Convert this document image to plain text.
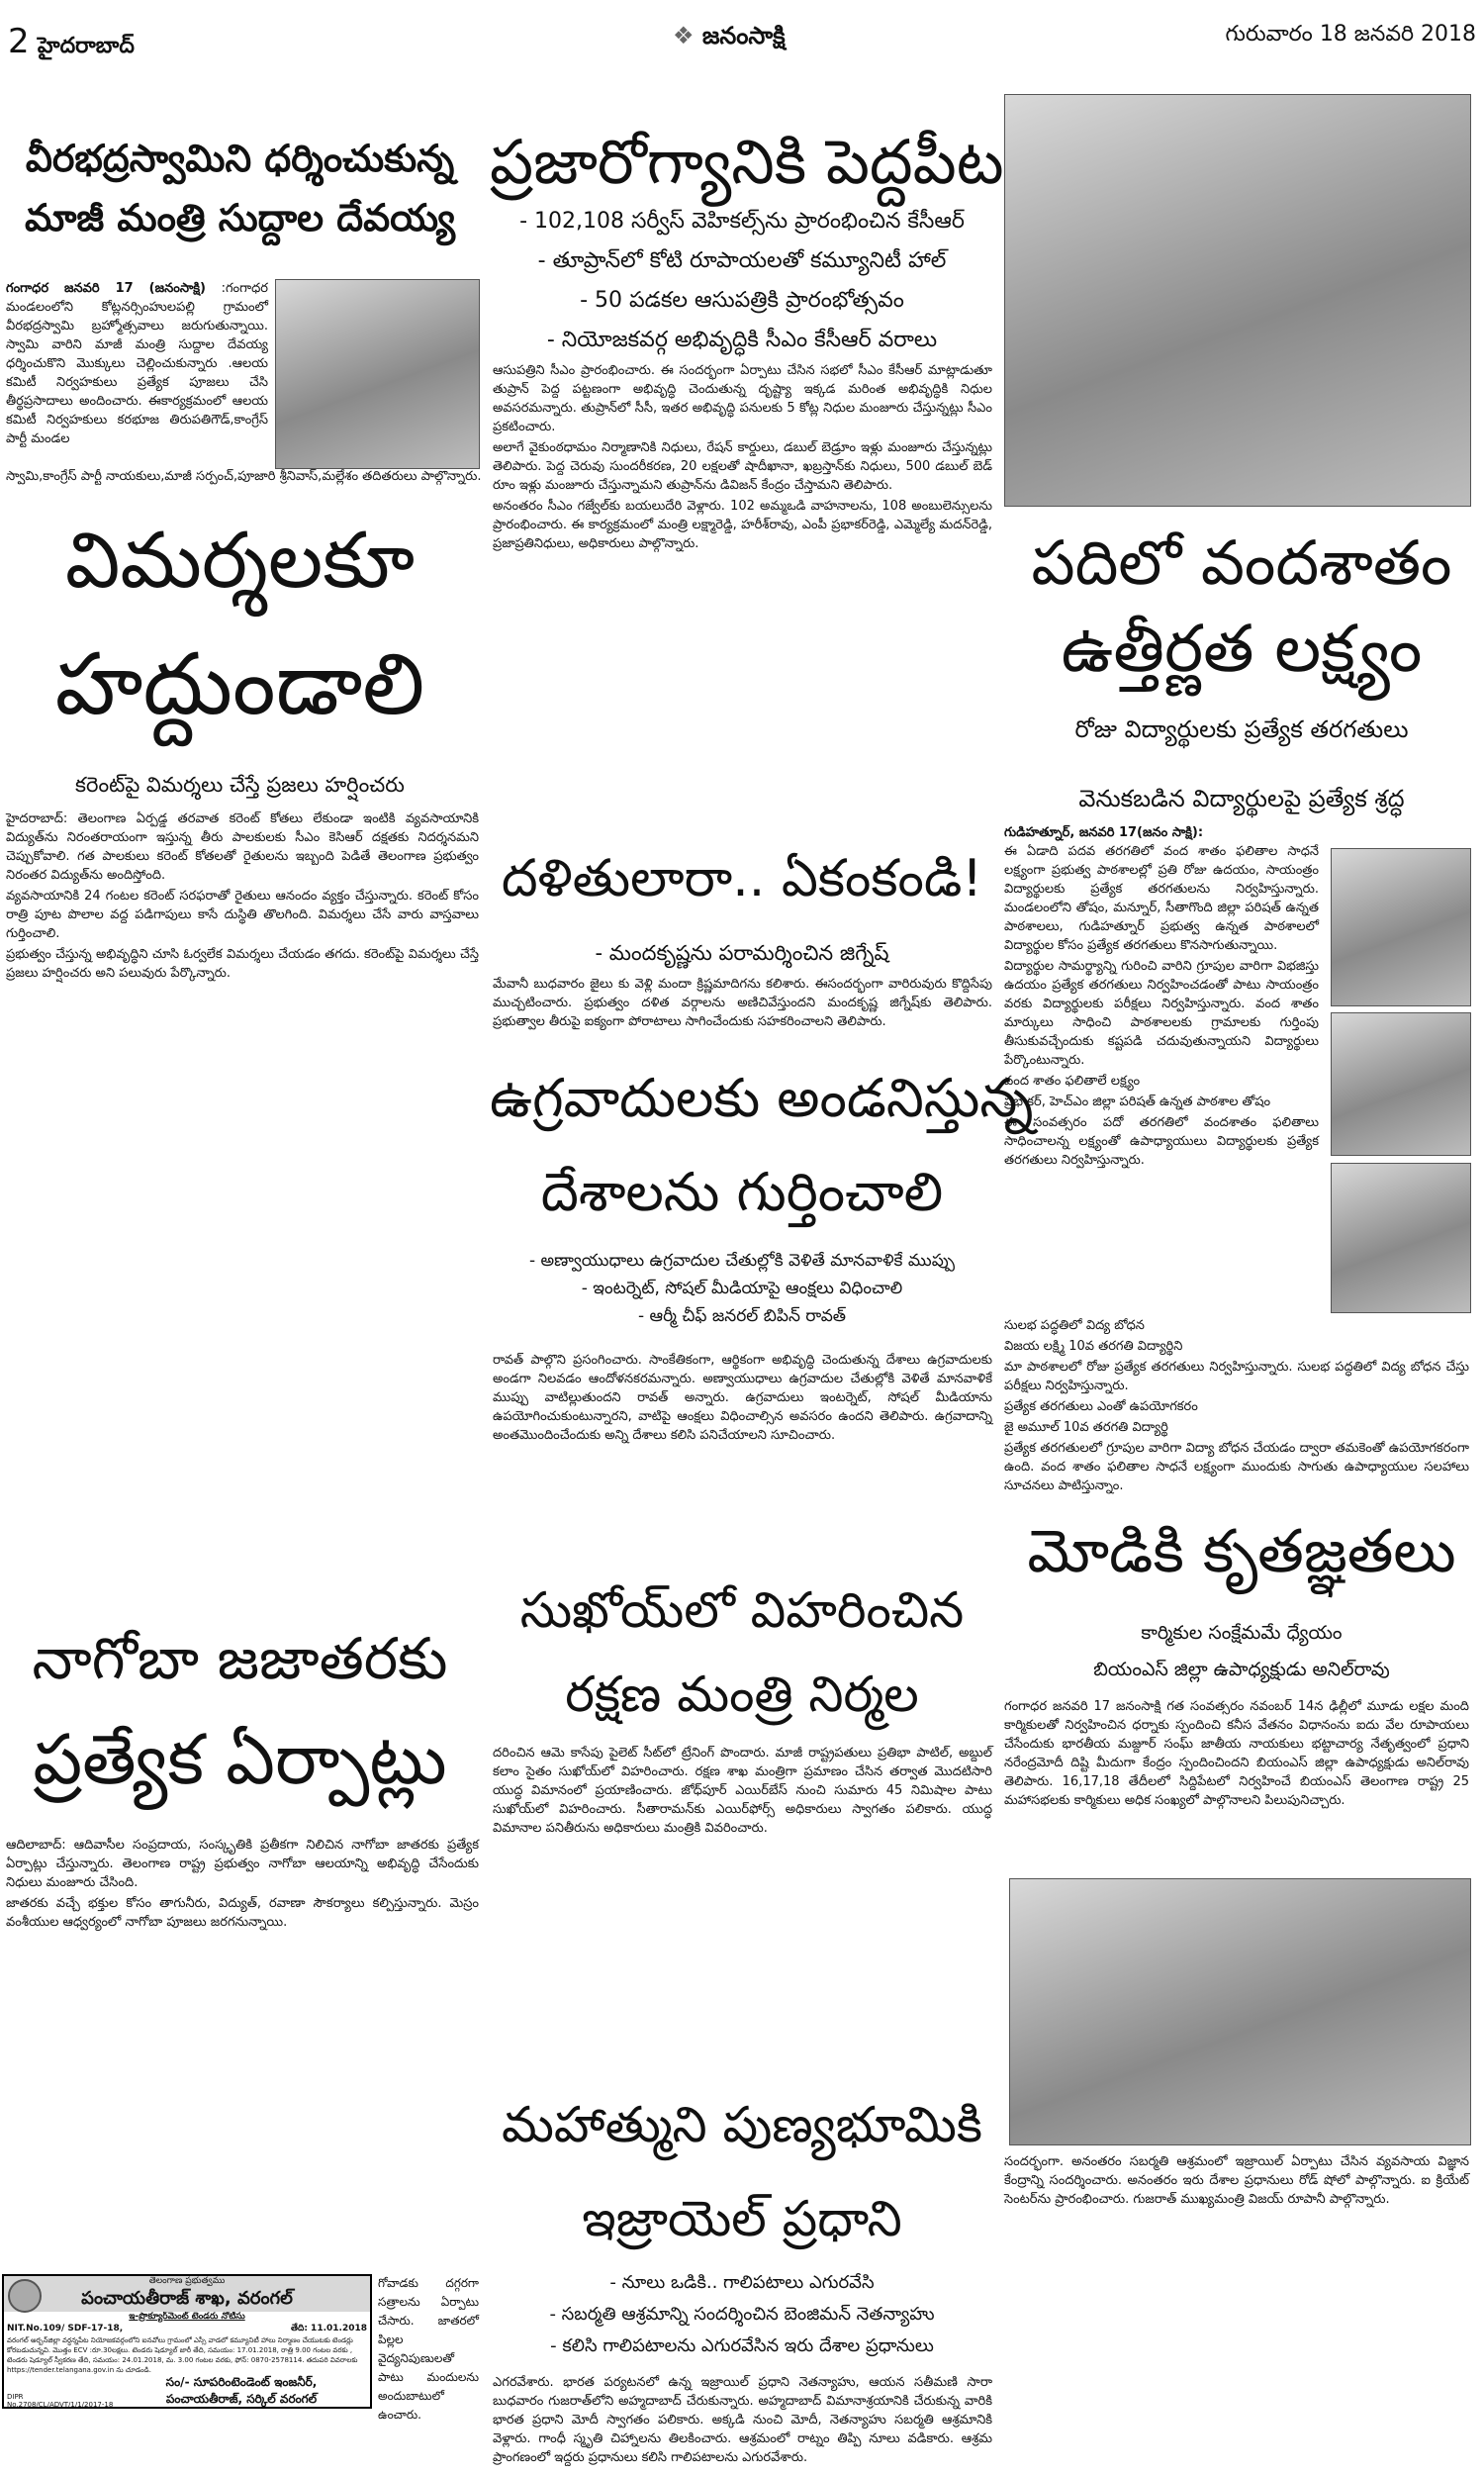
2 హైదరాబాద్	❖ జనంసాక్షి	గురువారం 18 జనవరి 2018
వీరభద్రస్వామిని ధర్శించుకున్న
మాజీ మంత్రి సుద్దాల దేవయ్య
గంగాధర జనవరి 17 (జనంసాక్షి) :గంగాధర మండలంలోని కోట్లనర్సింహులపల్లి గ్రామంలో వీరభద్రస్వామి బ్రహ్మోత్సవాలు జరుగుతున్నాయి. స్వామి వారిని మాజీ మంత్రి సుద్దాల దేవయ్య ధర్శించుకొని మొక్కులు చెల్లించుకున్నారు .ఆలయ కమిటీ నిర్వహకులు ప్రత్యేక పూజలు చేసి తీర్థప్రసాదాలు అందించారు. ఈకార్యక్రమంలో ఆలయ కమిటీ నిర్వహకులు కరభూజ తిరుపతిగౌడ్,కాంగ్రేస్ పార్టీ మండల
స్వామి,కాంగ్రేస్ పార్టీ నాయకులు,మాజీ సర్పంచ్,పూజారి శ్రీనివాస్,మల్లేశం తదితరులు పాల్గొన్నారు.
విమర్శలకూ
హద్దుండాలి
కరెంట్‌పై విమర్శలు చేస్తే ప్రజలు హర్షించరు

హైదరాబాద్‌: తెలంగాణ ఏర్పడ్డ తరవాత కరెంట్ కోతలు లేకుండా ఇంటికి వ్యవసాయానికి విద్యుత్‌ను నిరంతరాయంగా ఇస్తున్న తీరు పాలకులకు సీఎం కెసిఆర్ దక్షతకు నిదర్శనమని చెప్పుకోవాలి. గత పాలకులు కరెంట్ కోతలతో రైతులను ఇబ్బంది పెడితే తెలంగాణ ప్రభుత్వం నిరంతర విద్యుత్‌ను అందిస్తోంది.

వ్యవసాయానికి 24 గంటల కరెంట్ సరఫరాతో రైతులు ఆనందం వ్యక్తం చేస్తున్నారు. కరెంట్ కోసం రాత్రి పూట పొలాల వద్ద పడిగాపులు కాసే దుస్థితి తొలగింది. విమర్శలు చేసే వారు వాస్తవాలు గుర్తించాలి.

ప్రభుత్వం చేస్తున్న అభివృద్ధిని చూసి ఓర్వలేక విమర్శలు చేయడం తగదు. కరెంట్‌పై విమర్శలు చేస్తే ప్రజలు హర్షించరు అని పలువురు పేర్కొన్నారు.

నాగోబా జజాతరకు
ప్రత్యేక ఏర్పాట్లు

ఆదిలాబాద్‌: ఆదివాసీల సంప్రదాయ, సంస్కృతికి ప్రతీకగా నిలిచిన నాగోబా జాతరకు ప్రత్యేక ఏర్పాట్లు చేస్తున్నారు. తెలంగాణ రాష్ట్ర ప్రభుత్వం నాగోబా ఆలయాన్ని అభివృద్ధి చేసేందుకు నిధులు మంజూరు చేసింది.

జాతరకు వచ్చే భక్తుల కోసం తాగునీరు, విద్యుత్‌, రవాణా సౌకర్యాలు కల్పిస్తున్నారు. మెస్రం వంశీయుల ఆధ్వర్యంలో నాగోబా పూజలు జరగనున్నాయి.

గోవాడకు దగ్గరగా సత్రాలను ఏర్పాటు చేసారు. జాతరలో పిల్లల వైద్యనిపుణులతో పాటు మందులను అందుబాటులో ఉంచారు.
తెలంగాణ ప్రభుత్వము
పంచాయతీరాజ్ శాఖ, వరంగల్
ఇ-ప్రొక్యూర్‌మెంట్ టెండరు నోటీసు
NIT.No.109/ SDF-17-18,	తేది: 11.01.2018
వరంగల్ అర్బన్‌జిల్లా వర్ధన్నపేట నియోజకవర్గంలోని ఐనవోలు గ్రామంలో ఎస్సీ వాడలో కమ్యూనిటీ హాలు నిర్మాణం చేయుటకు టెండర్లు కోరబడుచున్నవి. మొత్తం ECV :రూ.30లక్షలు. టెండరు షెడ్యూల్ జారీ తేది, సమయం: 17.01.2018, రాత్రి 9.00 గంటల వరకు , టెండరు షెడ్యూల్ స్వీకరణ తేది, సమయం: 24.01.2018, మ. 3.00 గంటల వరకు, ఫోన్: 0870-2578114. తదుపరి వివరాలకు https://tender.telangana.gov.in ను చూడండి.
DIPR No.2708/CL/ADVT/1/1/2017-18
సం/- సూపరింటెండెంట్ ఇంజనీర్,
పంచాయతీరాజ్, సర్కిల్ వరంగల్
ప్రజారోగ్యానికి పెద్దపీట
- 102,108 సర్వీస్ వెహికల్స్‌ను ప్రారంభించిన కేసీఆర్
- తూప్రాన్‌లో కోటి రూపాయలతో కమ్యూనిటీ హాల్
- 50 పడకల ఆసుపత్రికి ప్రారంభోత్సవం
- నియోజకవర్గ అభివృద్ధికి సీఎం కేసీఆర్ వరాలు

ఆసుపత్రిని సీఎం ప్రారంభించారు. ఈ సందర్భంగా ఏర్పాటు చేసిన సభలో సీఎం కేసీఆర్ మాట్లాడుతూ తుప్రాన్ పెద్ద పట్టణంగా అభివృద్ధి చెందుతున్న దృష్ట్యా ఇక్కడ మరింత అభివృద్ధికి నిధుల అవసరమన్నారు. తుప్రాన్‌లో సీసీ, ఇతర అభివృద్ధి పనులకు 5 కోట్ల నిధుల మంజూరు చేస్తున్నట్లు సీఎం ప్రకటించారు.

అలాగే వైకుంఠధామం నిర్మాణానికి నిధులు, రేషన్ కార్డులు, డబుల్ బెడ్రూం ఇళ్లు మంజూరు చేస్తున్నట్లు తెలిపారు. పెద్ద చెరువు సుందరీకరణ, 20 లక్షలతో షాదీఖానా, ఖబ్రస్తాన్‌కు నిధులు, 500 డబుల్ బెడ్ రూం ఇళ్లు మంజూరు చేస్తున్నామని తుప్రాన్‌ను డివిజన్ కేంద్రం చేస్తామని తెలిపారు.

అనంతరం సీఎం గజ్వేల్‌కు బయలుదేరి వెళ్లారు. 102 అమ్మఒడి వాహనాలను, 108 అంబులెన్సులను ప్రారంభించారు. ఈ కార్యక్రమంలో మంత్రి లక్ష్మారెడ్డి, హరీశ్‌రావు, ఎంపీ ప్రభాకర్‌రెడ్డి, ఎమ్మెల్యే మదన్‌రెడ్డి, ప్రజాప్రతినిధులు, అధికారులు పాల్గొన్నారు.

దళితులారా.. ఏకంకండి!
- మందకృష్ణను పరామర్శించిన జిగ్నేష్
మేవానీ బుధవారం జైలు కు వెళ్లి మందా క్రిష్ణమాదిగను కలిశారు. ఈసందర్భంగా వారిరువురు కొద్దిసేపు ముచ్చటించారు. ప్రభుత్వం దళిత వర్గాలను అణిచివేస్తుందని మందకృష్ణ జిగ్నేష్‌కు తెలిపారు. ప్రభుత్వాల తీరుపై ఐక్యంగా పోరాటాలు సాగించేందుకు సహకరించాలని తెలిపారు.
ఉగ్రవాదులకు అండనిస్తున్న
దేశాలను గుర్తించాలి
- అణ్వాయుధాలు ఉగ్రవాదుల చేతుల్లోకి వెళితే మానవాళికే ముప్పు
- ఇంటర్నెట్, సోషల్ మీడియాపై ఆంక్షలు విధించాలి
- ఆర్మీ చీఫ్ జనరల్ బిపిన్ రావత్
రావత్ పాల్గొని ప్రసంగించారు. సాంకేతికంగా, ఆర్థికంగా అభివృద్ధి చెందుతున్న దేశాలు ఉగ్రవాదులకు అండగా నిలవడం ఆందోళనకరమన్నారు. అణ్వాయుధాలు ఉగ్రవాదుల చేతుల్లోకి వెళితే మానవాళికే ముప్పు వాటిల్లుతుందని రావత్ అన్నారు. ఉగ్రవాదులు ఇంటర్నెట్‌, సోషల్‌ మీడియాను ఉపయోగించుకుంటున్నారని, వాటిపై ఆంక్షలు విధించాల్సిన అవసరం ఉందని తెలిపారు. ఉగ్రవాదాన్ని అంతమొందించేందుకు అన్ని దేశాలు కలిసి పనిచేయాలని సూచించారు.
సుఖోయ్‌లో విహరించిన
రక్షణ మంత్రి నిర్మల
దరించిన ఆమె కాసేపు పైలెట్ సీట్‌లో ట్రేనింగ్ పొందారు. మాజీ రాష్ట్రపతులు ప్రతిభా పాటిల్‌, అబ్దుల్ కలాం సైతం సుఖోయ్‌లో విహరించారు. రక్షణ శాఖ మంత్రిగా ప్రమాణం చేసిన తర్వాత మొదటిసారి యుద్ధ విమానంలో ప్రయాణించారు. జోధ్‌పూర్ ఎయిర్‌బేస్ నుంచి సుమారు 45 నిమిషాల పాటు సుఖోయ్‌లో విహరించారు. సీతారామన్‌కు ఎయిర్‌ఫోర్స్ అధికారులు స్వాగతం పలికారు. యుద్ధ విమానాల పనితీరును అధికారులు మంత్రికి వివరించారు.
మహాత్ముని పుణ్యభూమికి
ఇజ్రాయెల్ ప్రధాని
- నూలు ఒడికి.. గాలిపటాలు ఎగురవేసి
- సబర్మతి ఆశ్రమాన్ని సందర్శించిన బెంజిమన్ నెతన్యాహు
- కలిసి గాలిపటాలను ఎగురవేసిన ఇరు దేశాల ప్రధానులు
ఎగరవేశారు. భారత పర్యటనలో ఉన్న ఇజ్రాయిల్ ప్రధాని నెతన్యాహు, ఆయన సతీమణి సారా బుధవారం గుజరాత్‌లోని అహ్మదాబాద్ చేరుకున్నారు. అహ్మదాబాద్ విమానాశ్రయానికి చేరుకున్న వారికి భారత ప్రధాని మోదీ స్వాగతం పలికారు. అక్కడి నుంచి మోదీ, నెతన్యాహు సబర్మతి ఆశ్రమానికి వెళ్లారు. గాంధీ స్మృతి చిహ్నాలను తిలకించారు. ఆశ్రమంలో రాట్నం తిప్పి నూలు వడికారు. ఆశ్రమ ప్రాంగణంలో ఇద్దరు ప్రధానులు కలిసి గాలిపటాలను ఎగురవేశారు.
పదిలో వందశాతం
ఉత్తీర్ణత లక్ష్యం
రోజు విద్యార్థులకు ప్రత్యేక తరగతులు
వెనుకబడిన విద్యార్థులపై ప్రత్యేక శ్రద్ధ
గుడిహత్నూర్, జనవరి 17(జనం సాక్షి):

ఈ ఏడాది పదవ తరగతిలో వంద శాతం ఫలితాల సాధనే లక్ష్యంగా ప్రభుత్వ పాఠశాలల్లో ప్రతి రోజు ఉదయం, సాయంత్రం విద్యార్థులకు ప్రత్యేక తరగతులను నిర్వహిస్తున్నారు. మండలంలోని తోషం, మన్నూర్, సీతాగొంది జిల్లా పరిషత్ ఉన్నత పాఠశాలలు, గుడిహత్నూర్ ప్రభుత్వ ఉన్నత పాఠశాలలో విద్యార్థుల కోసం ప్రత్యేక తరగతులు కొనసాగుతున్నాయి.

విద్యార్థుల సామర్థ్యాన్ని గురించి వారిని గ్రూపుల వారిగా విభజిస్తు ఉదయం ప్రత్యేక తరగతులు నిర్వహించడంతో పాటు సాయంత్రం వరకు విద్యార్థులకు పరీక్షలు నిర్వహిస్తున్నారు. వంద శాతం మార్కులు సాధించి పాఠశాలలకు గ్రామాలకు గుర్తింపు తీసుకువచ్చేందుకు కష్టపడి చదువుతున్నాయని విద్యార్థులు పేర్కొంటున్నారు.

వంద శాతం ఫలితాలే లక్ష్యం

ప్రభాకర్, హెచ్‌ఎం జిల్లా పరిషత్ ఉన్నత పాఠశాల తోషం

ఈ సంవత్సరం పదో తరగతిలో వందశాతం ఫలితాలు సాధించాలన్న లక్ష్యంతో ఉపాధ్యాయులు విద్యార్థులకు ప్రత్యేక తరగతులు నిర్వహిస్తున్నారు.

సులభ పద్ధతిలో విద్య బోధన

విజయ లక్ష్మి 10వ తరగతి విద్యార్థిని

మా పాఠశాలలో రోజు ప్రత్యేక తరగతులు నిర్వహిస్తున్నారు. సులభ పద్ధతిలో విద్య బోధన చేస్తు పరీక్షలు నిర్వహిస్తున్నారు.

ప్రత్యేక తరగతులు ఎంతో ఉపయోగకరం

జై అమూల్ 10వ తరగతి విద్యార్థి

ప్రత్యేక తరగతులలో గ్రూపుల వారిగా విద్యా బోధన చేయడం ద్వారా తమకెంతో ఉపయోగకరంగా ఉంది. వంద శాతం ఫలితాల సాధనే లక్ష్యంగా ముందుకు సాగుతు ఉపాధ్యాయుల సలహాలు సూచనలు పాటిస్తున్నాం.

మోడికి కృతజ్ఞతలు
కార్మికుల సంక్షేమమే ధ్యేయం
బియంఎస్ జిల్లా ఉపాధ్యక్షుడు అనిల్‌రావు
గంగాధర జనవరి 17 జనంసాక్షి గత సంవత్సరం నవంబర్ 14న ఢిల్లీలో మూడు లక్షల మంది కార్మికులతో నిర్వహించిన ధర్నాకు స్పందించి కనీస వేతనం విధానంను ఐదు వేల రూపాయలు చేసేందుకు భారతీయ మజ్దూర్ సంఘ్ జాతీయ నాయకులు భట్టాచార్య నేతృత్వంలో ప్రధాని నరేంద్రమోదీ దిష్టి మీదుగా కేంద్రం స్పందించిందని బియంఎస్ జిల్లా ఉపాధ్యక్షుడు అనిల్‌రావు తెలిపారు. 16,17,18 తేదీలలో సిద్దిపేటలో నిర్వహించే బియంఎస్ తెలంగాణ రాష్ట్ర 25 మహాసభలకు కార్మికులు అధిక సంఖ్యలో పాల్గొనాలని పిలుపునిచ్చారు.
సందర్భంగా. అనంతరం సబర్మతి ఆశ్రమంలో ఇజ్రాయిల్ ఏర్పాటు చేసిన వ్యవసాయ విజ్ఞాన కేంద్రాన్ని సందర్శించారు. అనంతరం ఇరు దేశాల ప్రధానులు రోడ్ షోలో పాల్గొన్నారు. ఐ క్రియేట్ సెంటర్‌ను ప్రారంభించారు. గుజరాత్ ముఖ్యమంత్రి విజయ్ రూపానీ పాల్గొన్నారు.
